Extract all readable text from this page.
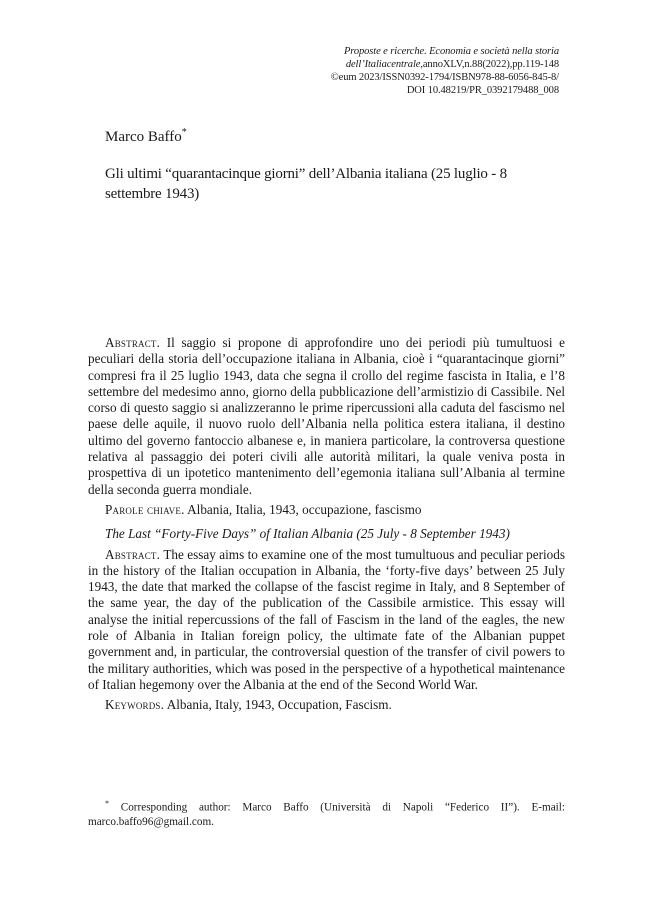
Proposte e ricerche. Economia e società nella storia
dell’Italiacentrale,annoXLV,n.88(2022),pp.119-148
©eum 2023/ISSN0392-1794/ISBN978-88-6056-845-8/
DOI 10.48219/PR_0392179488_008
Marco Baffo*
Gli ultimi “quarantacinque giorni” dell’Albania italiana (25 luglio - 8 settembre 1943)

Abstract. Il saggio si propone di approfondire uno dei periodi più tumultuosi e peculiari della storia dell’occupazione italiana in Albania, cioè i “quarantacinque giorni” compresi fra il 25 luglio 1943, data che segna il crollo del regime fascista in Italia, e l’8 settembre del medesimo anno, giorno della pubblicazione dell’armistizio di Cassibile. Nel corso di questo saggio si analizzeranno le prime ripercussioni alla caduta del fascismo nel paese delle aquile, il nuovo ruolo dell’Albania nella politica estera italiana, il destino ultimo del governo fantoccio albanese e, in maniera particolare, la controversa questione relativa al passaggio dei poteri civili alle autorità militari, la quale veniva posta in prospettiva di un ipotetico mantenimento dell’egemonia italiana sull’Albania al termine della seconda guerra mondiale.

Parole chiave. Albania, Italia, 1943, occupazione, fascismo

The Last “Forty-Five Days” of Italian Albania (25 July - 8 September 1943)

Abstract. The essay aims to examine one of the most tumultuous and peculiar periods in the history of the Italian occupation in Albania, the ‘forty-five days’ between 25 July 1943, the date that marked the collapse of the fascist regime in Italy, and 8 September of the same year, the day of the publication of the Cassibile armistice. This essay will analyse the initial repercussions of the fall of Fascism in the land of the eagles, the new role of Albania in Italian foreign policy, the ultimate fate of the Albanian puppet government and, in particular, the controversial question of the transfer of civil powers to the military authorities, which was posed in the perspective of a hypothetical maintenance of Italian hegemony over the Albania at the end of the Second World War.

Keywords. Albania, Italy, 1943, Occupation, Fascism.

* Corresponding author: Marco Baffo (Università di Napoli “Federico II”). E-mail: marco.baffo96@gmail.com.
